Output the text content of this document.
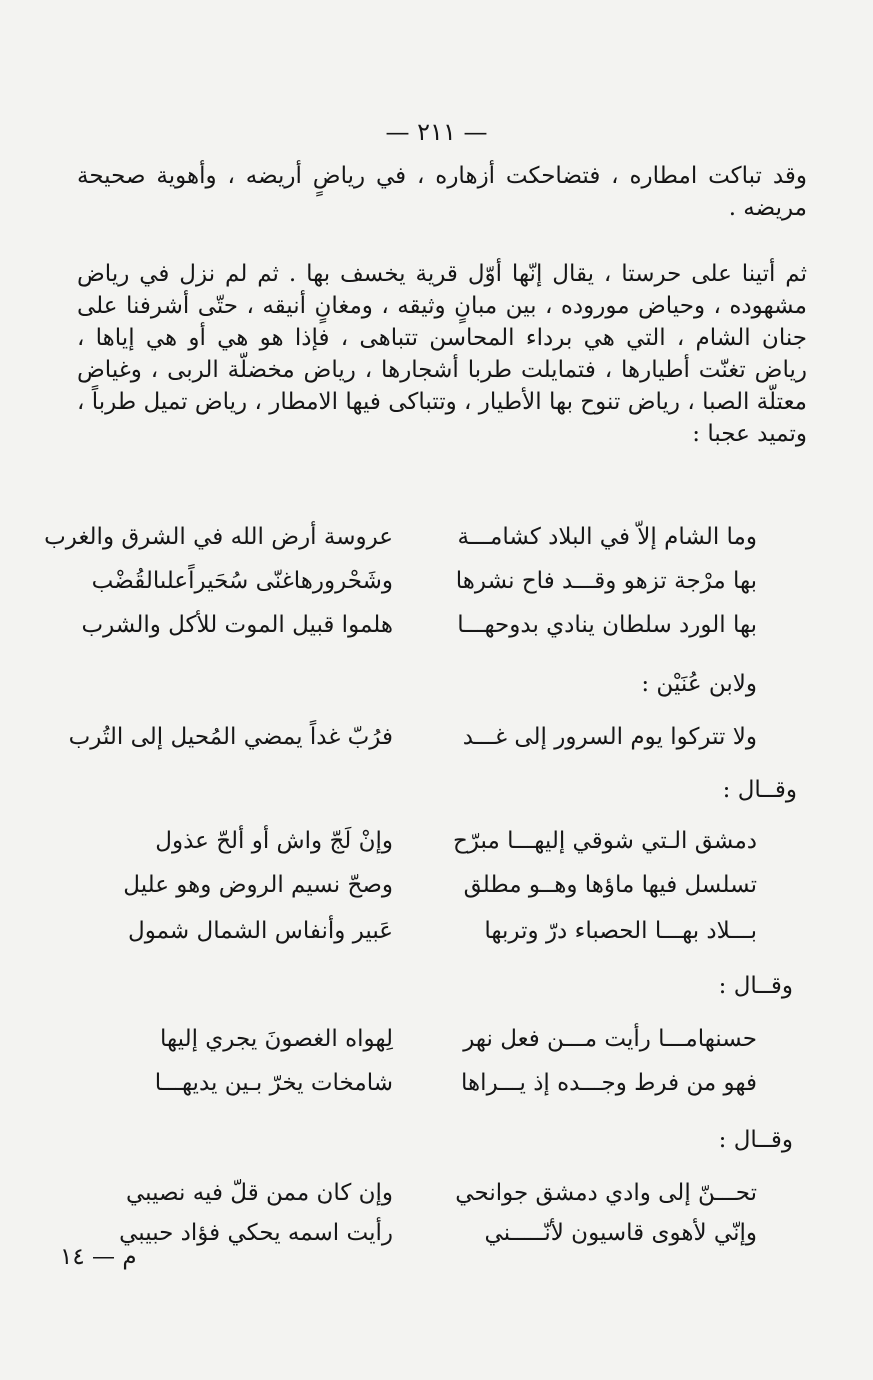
— ٢١١ —

وقد تباكت امطاره ، فتضاحكت أزهاره ، في رياضٍ أريضه ، وأهوية صحيحة مريضه .

ثم أتينا على حرستا ، يقال إنّها أوّل قرية يخسف بها . ثم لم نزل في رياض مشهوده ، وحياض موروده ، بين مبانٍ وثيقه ، ومغانٍ أنيقه ، حتّى أشرفنا على جنان الشام ، التي هي برداء المحاسن تتباهى ، فإذا هو هي أو هي إياها ، رياض تغنّت أطيارها ، فتمايلت طربا أشجارها ، رياض مخضلّة الربى ، وغياض معتلّة الصبا ، رياض تنوح بها الأطيار ، وتتباكى فيها الامطار ، رياض تميل طرباً ، وتميد عجبا :

وما الشام إلاّ في البلاد كشامـــة
عروسة أرض الله في الشرق والغرب
بها مرْجة تزهو وقـــد فاح نشرها
وشَحْرورهاغنّى سُحَيراًعلىالقُضْب
بها الورد سلطان ينادي بدوحهـــا
هلموا قبيل الموت للأكل والشرب
ولابن عُنَيْن :
ولا تتركوا يوم السرور إلى غـــد
فرُبّ غداً يمضي المُحيل إلى التُرب
وقــال :
دمشق الـتي شوقي إليهـــا مبرّح
وإنْ لَجّ واش أو ألحّ عذول
تسلسل فيها ماؤها وهــو مطلق
وصحّ نسيم الروض وهو عليل
بـــلاد بهـــا الحصباء درّ وتربها
عَبير وأنفاس الشمال شمول
وقــال :
حسنهامـــا رأيت مـــن فعل نهر
لِهواه الغصونَ يجري إليها
فهو من فرط وجـــده إذ يـــراها
شامخات يخرّ بـين يديهـــا
وقــال :
تحـــنّ إلى وادي دمشق جوانحي
وإن كان ممن قلّ فيه نصيبي
وإنّي لأهوى قاسيون لأنّـــــني
رأيت اسمه يحكي فؤاد حبيبي
م — ١٤
